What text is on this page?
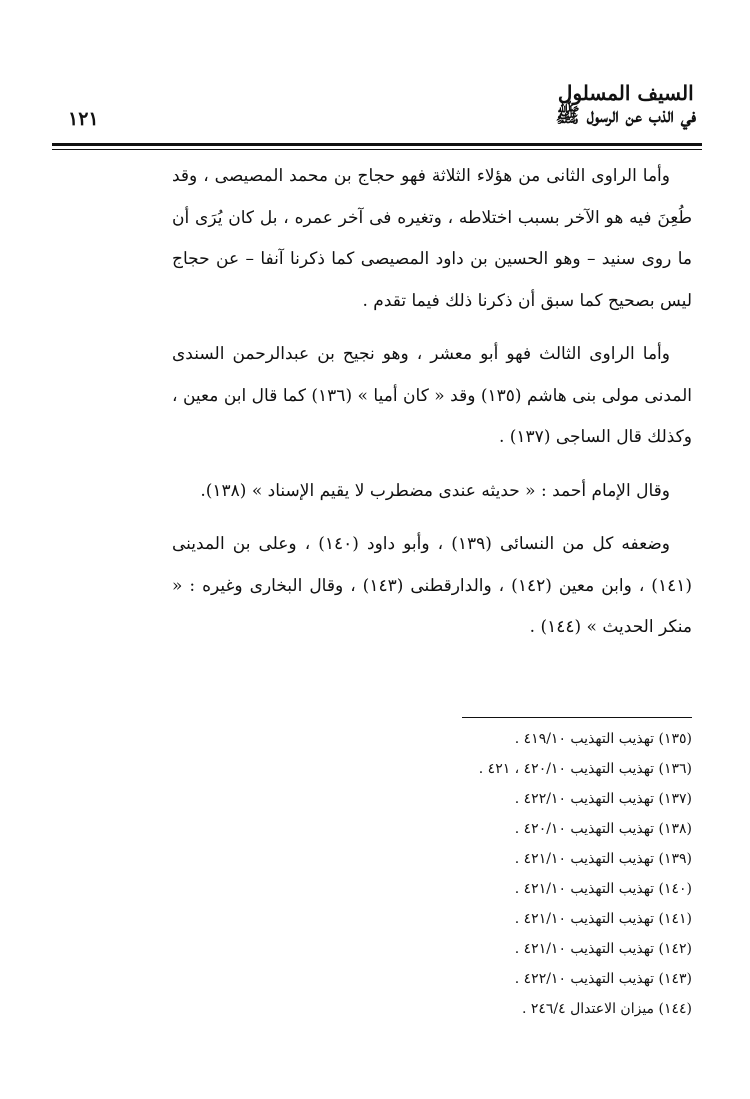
١٢١
السيف المسلول
في الذب عن الرسول ﷺ

وأما الراوى الثانى من هؤلاء الثلاثة فهو حجاج بن محمد المصيصى ، وقد طُعِنَ فيه هو الآخر بسبب اختلاطه ، وتغيره فى آخر عمره ، بل كان يُرَى أن ما روى سنيد – وهو الحسين بن داود المصيصى كما ذكرنا آنفا – عن حجاج ليس بصحيح كما سبق أن ذكرنا ذلك فيما تقدم .

وأما الراوى الثالث فهو أبو معشر ، وهو نجيح بن عبدالرحمن السندى المدنى مولى بنى هاشم (١٣٥) وقد « كان أميا » (١٣٦) كما قال ابن معين ، وكذلك قال الساجى (١٣٧) .

وقال الإمام أحمد : « حديثه عندى مضطرب لا يقيم الإسناد » (١٣٨).

وضعفه كل من النسائى (١٣٩) ، وأبو داود (١٤٠) ، وعلى بن المدينى (١٤١) ، وابن معين (١٤٢) ، والدارقطنى (١٤٣) ، وقال البخارى وغيره : « منكر الحديث » (١٤٤) .

(١٣٥) تهذيب التهذيب ٤١٩/١٠ .
(١٣٦) تهذيب التهذيب ٤٢٠/١٠ ، ٤٢١ .
(١٣٧) تهذيب التهذيب ٤٢٢/١٠ .
(١٣٨) تهذيب التهذيب ٤٢٠/١٠ .
(١٣٩) تهذيب التهذيب ٤٢١/١٠ .
(١٤٠) تهذيب التهذيب ٤٢١/١٠ .
(١٤١) تهذيب التهذيب ٤٢١/١٠ .
(١٤٢) تهذيب التهذيب ٤٢١/١٠ .
(١٤٣) تهذيب التهذيب ٤٢٢/١٠ .
(١٤٤) ميزان الاعتدال ٢٤٦/٤ .
